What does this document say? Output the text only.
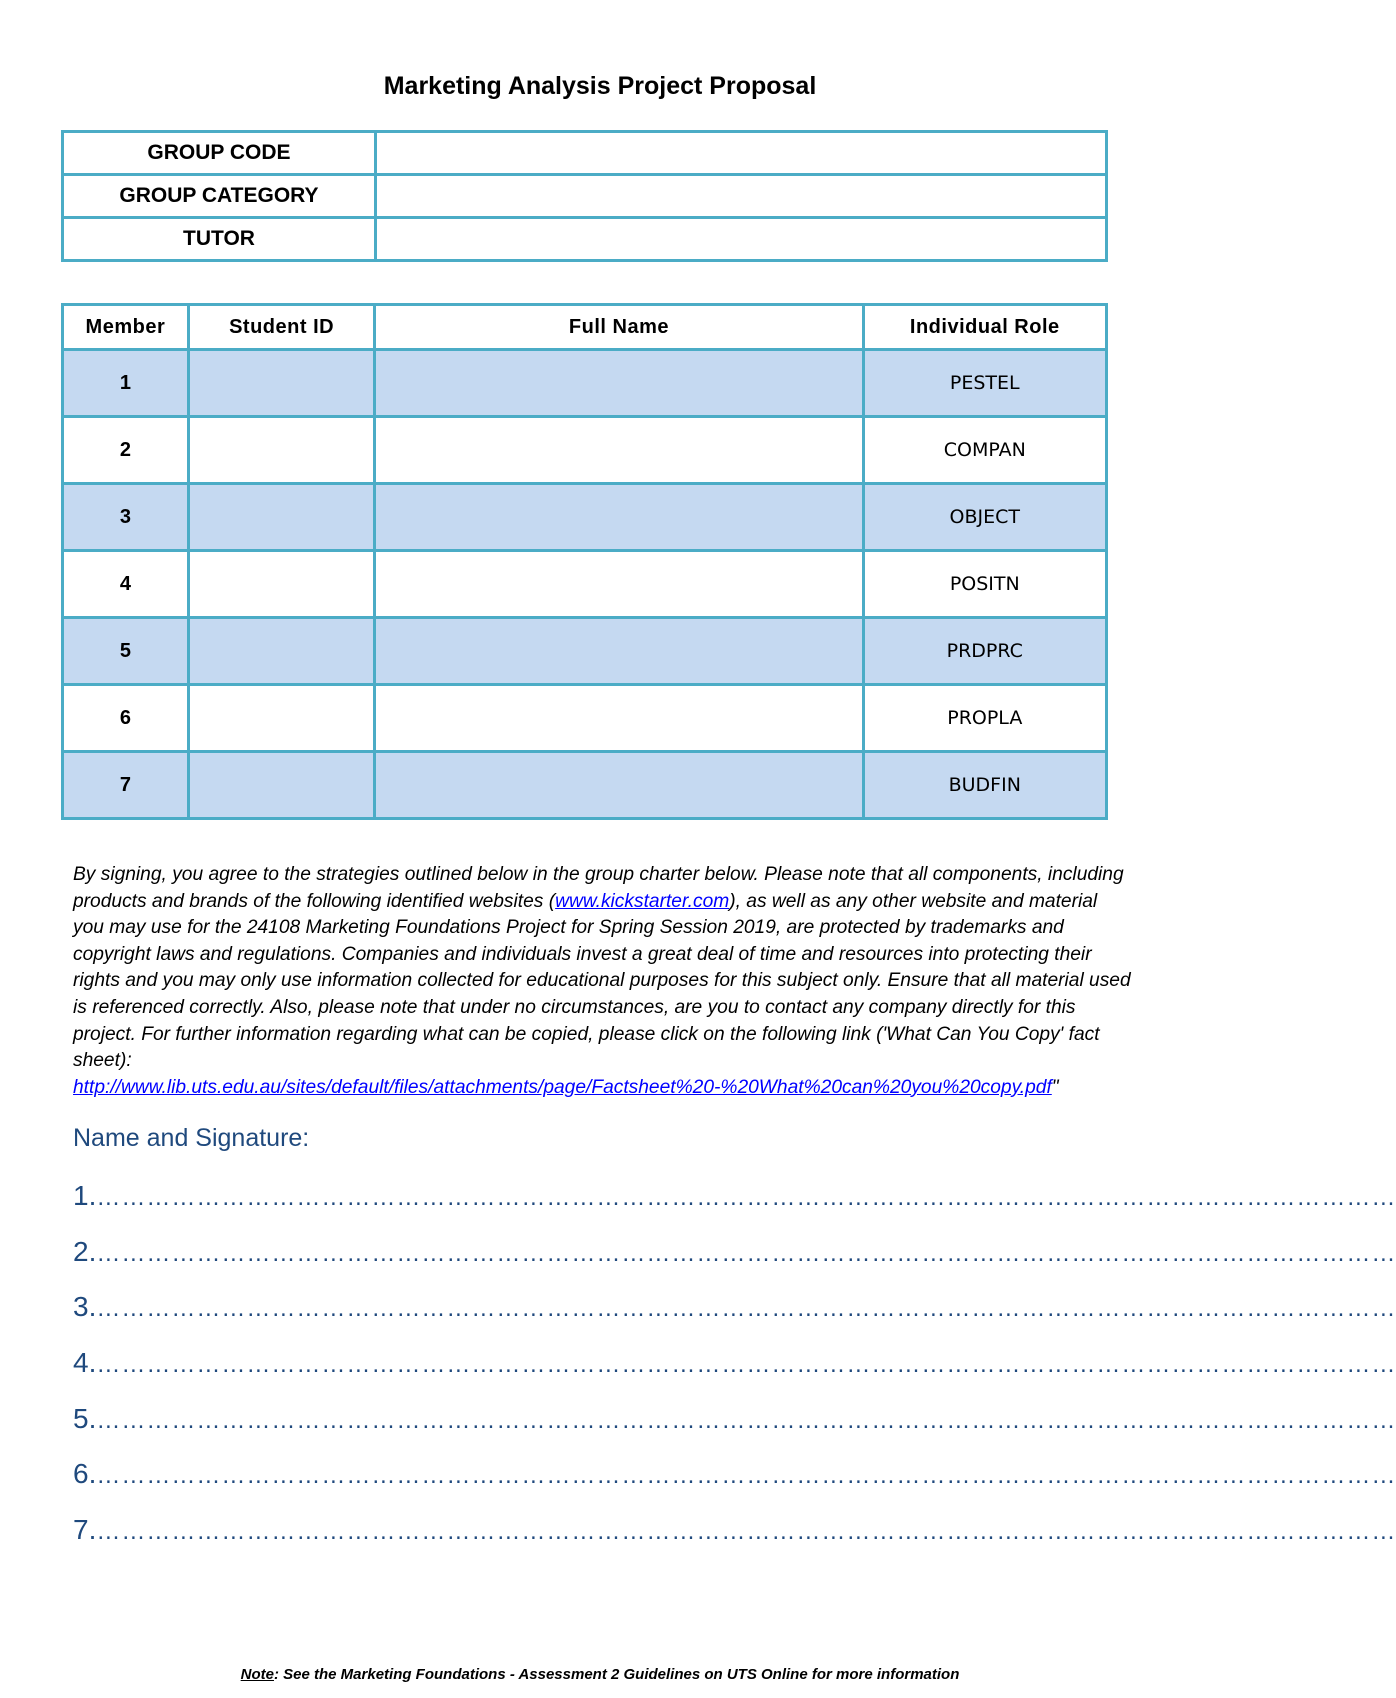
Marketing Analysis Project Proposal
GROUP CODE	
GROUP CATEGORY	
TUTOR	
Member	Student ID	Full Name	Individual Role
1			PESTEL
2			COMPAN
3			OBJECT
4			POSITN
5			PRDPRC
6			PROPLA
7			BUDFIN
By signing, you agree to the strategies outlined below in the group charter below. Please note that all components, including products and brands of the following identified websites (www.kickstarter.com), as well as any other website and material you may use for the 24108 Marketing Foundations Project for Spring Session 2019, are protected by trademarks and copyright laws and regulations. Companies and individuals invest a great deal of time and resources into protecting their rights and you may only use information collected for educational purposes for this subject only. Ensure that all material used is referenced correctly. Also, please note that under no circumstances, are you to contact any company directly for this project. For further information regarding what can be copied, please click on the following link ('What Can You Copy' fact sheet):
http://www.lib.uts.edu.au/sites/default/files/attachments/page/Factsheet%20-%20What%20can%20you%20copy.pdf"
Name and Signature:
1. …………………………………………………………………………………………………………………………………………
2. …………………………………………………………………………………………………………………………………………
3. …………………………………………………………………………………………………………………………………………
4. …………………………………………………………………………………………………………………………………………
5. …………………………………………………………………………………………………………………………………………
6. …………………………………………………………………………………………………………………………………………
7. …………………………………………………………………………………………………………………………………………
Note: See the Marketing Foundations - Assessment 2 Guidelines on UTS Online for more information
